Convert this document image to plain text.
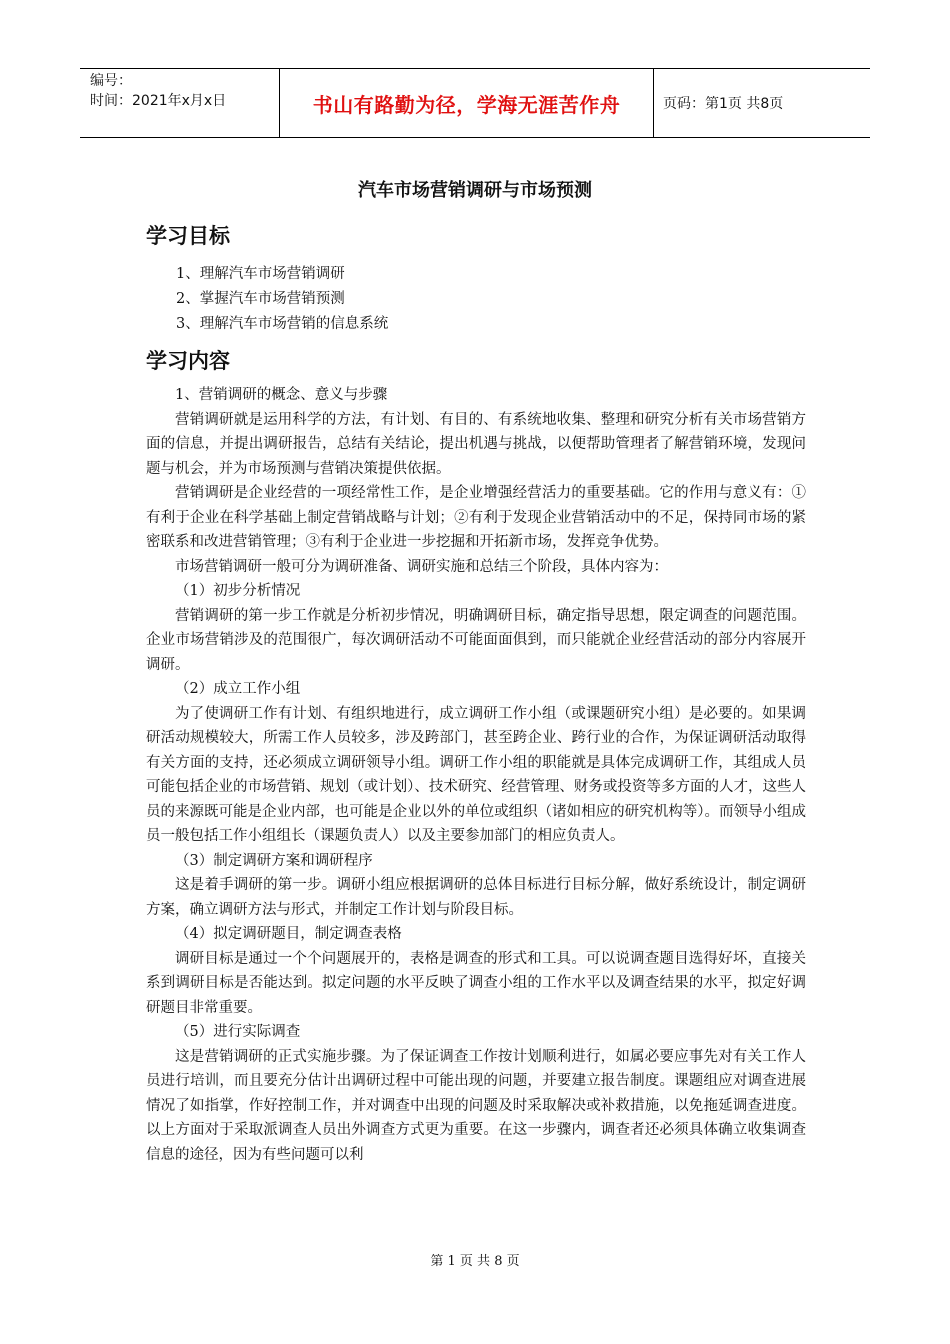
编号：
时间：2021年x月x日	书山有路勤为径，学海无涯苦作舟	页码：第1页 共8页
汽车市场营销调研与市场预测
学习目标
1、理解汽车市场营销调研
2、掌握汽车市场营销预测
3、理解汽车市场营销的信息系统
学习内容

1、营销调研的概念、意义与步骤

营销调研就是运用科学的方法，有计划、有目的、有系统地收集、整理和研究分析有关市场营销方面的信息，并提出调研报告，总结有关结论，提出机遇与挑战，以便帮助管理者了解营销环境，发现问题与机会，并为市场预测与营销决策提供依据。

营销调研是企业经营的一项经常性工作，是企业增强经营活力的重要基础。它的作用与意义有：①有利于企业在科学基础上制定营销战略与计划；②有利于发现企业营销活动中的不足，保持同市场的紧密联系和改进营销管理；③有利于企业进一步挖掘和开拓新市场，发挥竞争优势。

市场营销调研一般可分为调研准备、调研实施和总结三个阶段，具体内容为：

（1）初步分析情况

营销调研的第一步工作就是分析初步情况，明确调研目标，确定指导思想，限定调查的问题范围。企业市场营销涉及的范围很广，每次调研活动不可能面面俱到，而只能就企业经营活动的部分内容展开调研。

（2）成立工作小组

为了使调研工作有计划、有组织地进行，成立调研工作小组（或课题研究小组）是必要的。如果调研活动规模较大，所需工作人员较多，涉及跨部门，甚至跨企业、跨行业的合作，为保证调研活动取得有关方面的支持，还必须成立调研领导小组。调研工作小组的职能就是具体完成调研工作，其组成人员可能包括企业的市场营销、规划（或计划）、技术研究、经营管理、财务或投资等多方面的人才，这些人员的来源既可能是企业内部，也可能是企业以外的单位或组织（诸如相应的研究机构等）。而领导小组成员一般包括工作小组组长（课题负责人）以及主要参加部门的相应负责人。

（3）制定调研方案和调研程序

这是着手调研的第一步。调研小组应根据调研的总体目标进行目标分解，做好系统设计，制定调研方案，确立调研方法与形式，并制定工作计划与阶段目标。

（4）拟定调研题目，制定调查表格

调研目标是通过一个个问题展开的，表格是调查的形式和工具。可以说调查题目选得好坏，直接关系到调研目标是否能达到。拟定问题的水平反映了调查小组的工作水平以及调查结果的水平，拟定好调研题目非常重要。

（5）进行实际调查

这是营销调研的正式实施步骤。为了保证调查工作按计划顺利进行，如属必要应事先对有关工作人员进行培训，而且要充分估计出调研过程中可能出现的问题，并要建立报告制度。课题组应对调查进展情况了如指掌，作好控制工作，并对调查中出现的问题及时采取解决或补救措施，以免拖延调查进度。以上方面对于采取派调查人员出外调查方式更为重要。在这一步骤内，调查者还必须具体确立收集调查信息的途径，因为有些问题可以利

第 1 页 共 8 页
